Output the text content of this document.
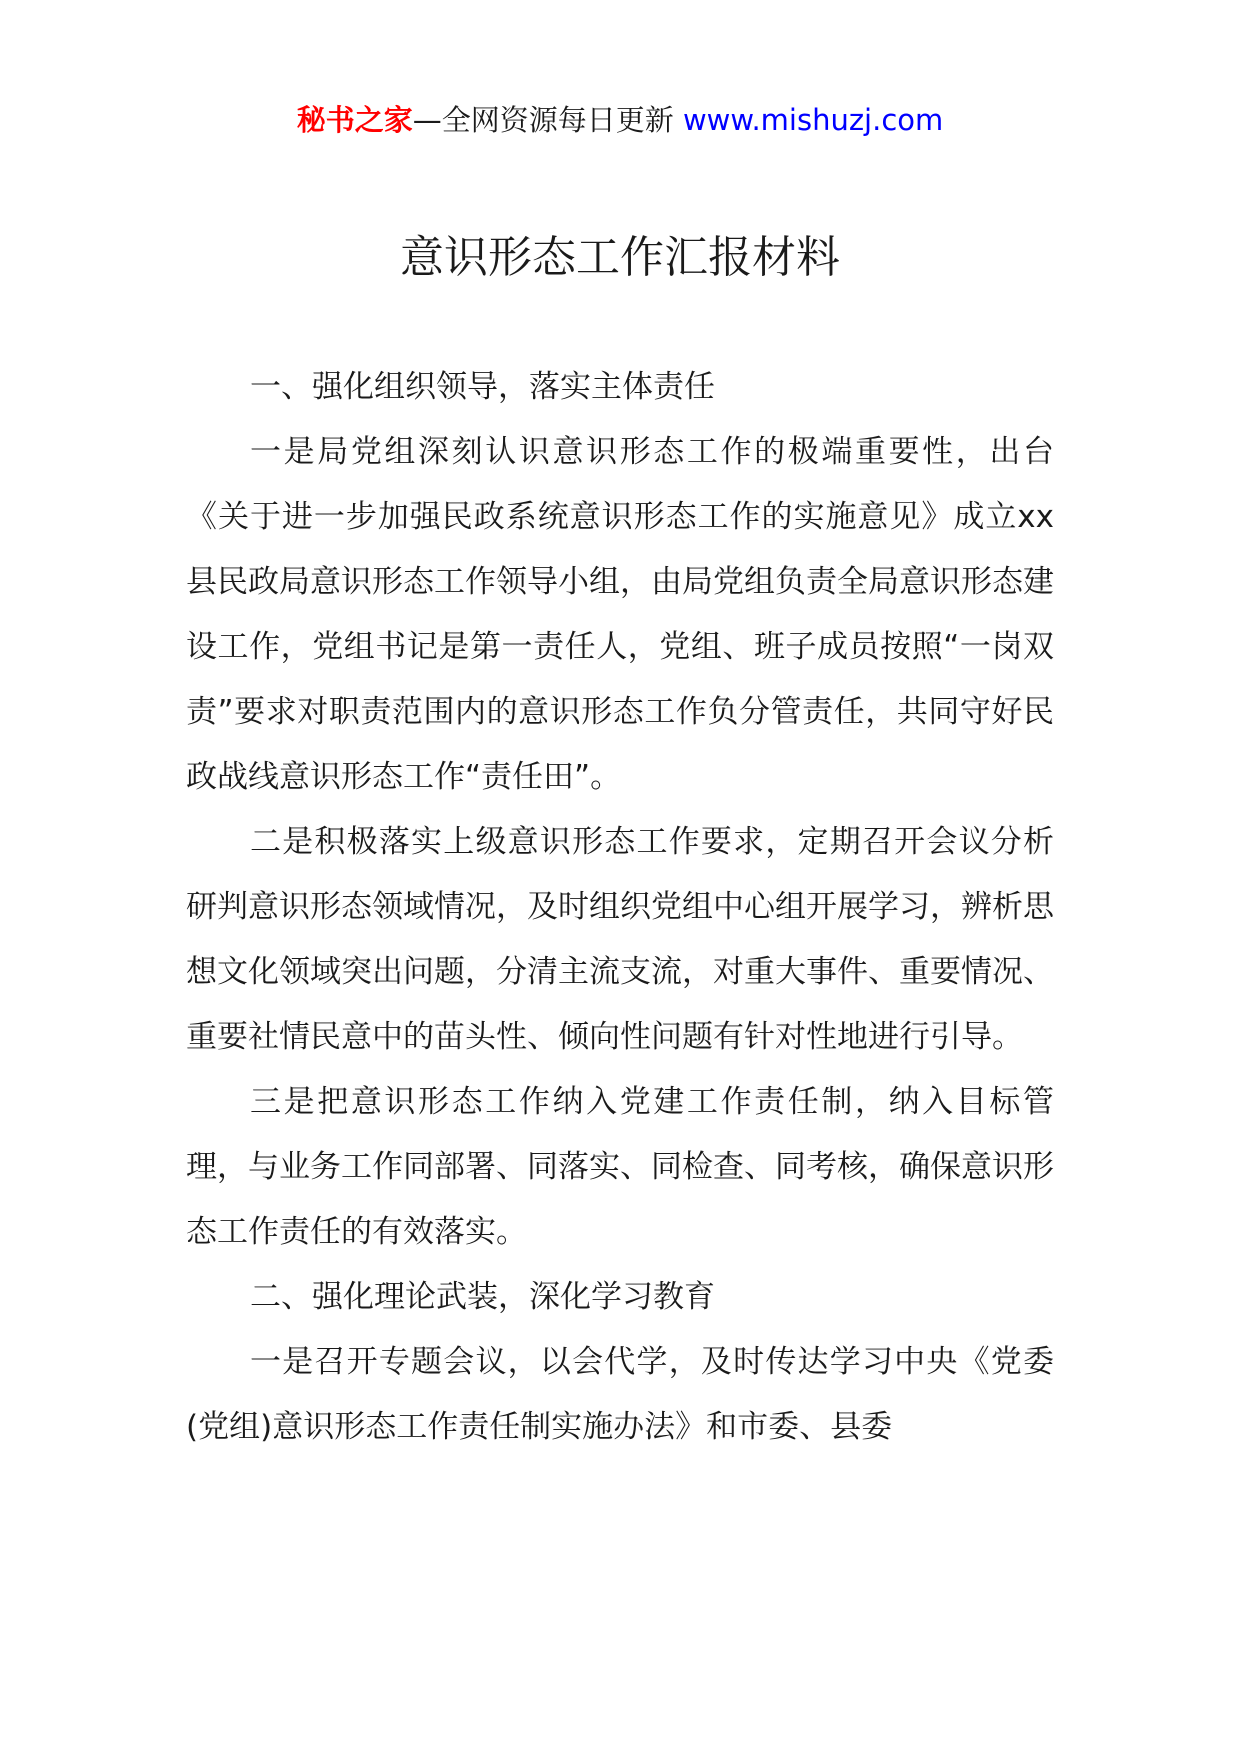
秘书之家—全网资源每日更新 www.mishuzj.com
意识形态工作汇报材料

一、强化组织领导，落实主体责任

一是局党组深刻认识意识形态工作的极端重要性，出台《关于进一步加强民政系统意识形态工作的实施意见》成立xx县民政局意识形态工作领导小组，由局党组负责全局意识形态建设工作，党组书记是第一责任人，党组、班子成员按照“一岗双责”要求对职责范围内的意识形态工作负分管责任，共同守好民政战线意识形态工作“责任田”。

二是积极落实上级意识形态工作要求，定期召开会议分析研判意识形态领域情况，及时组织党组中心组开展学习，辨析思想文化领域突出问题，分清主流支流，对重大事件、重要情况、重要社情民意中的苗头性、倾向性问题有针对性地进行引导。

三是把意识形态工作纳入党建工作责任制，纳入目标管理，与业务工作同部署、同落实、同检查、同考核，确保意识形态工作责任的有效落实。

二、强化理论武装，深化学习教育

一是召开专题会议，以会代学，及时传达学习中央《党委(党组)意识形态工作责任制实施办法》和市委、县委
